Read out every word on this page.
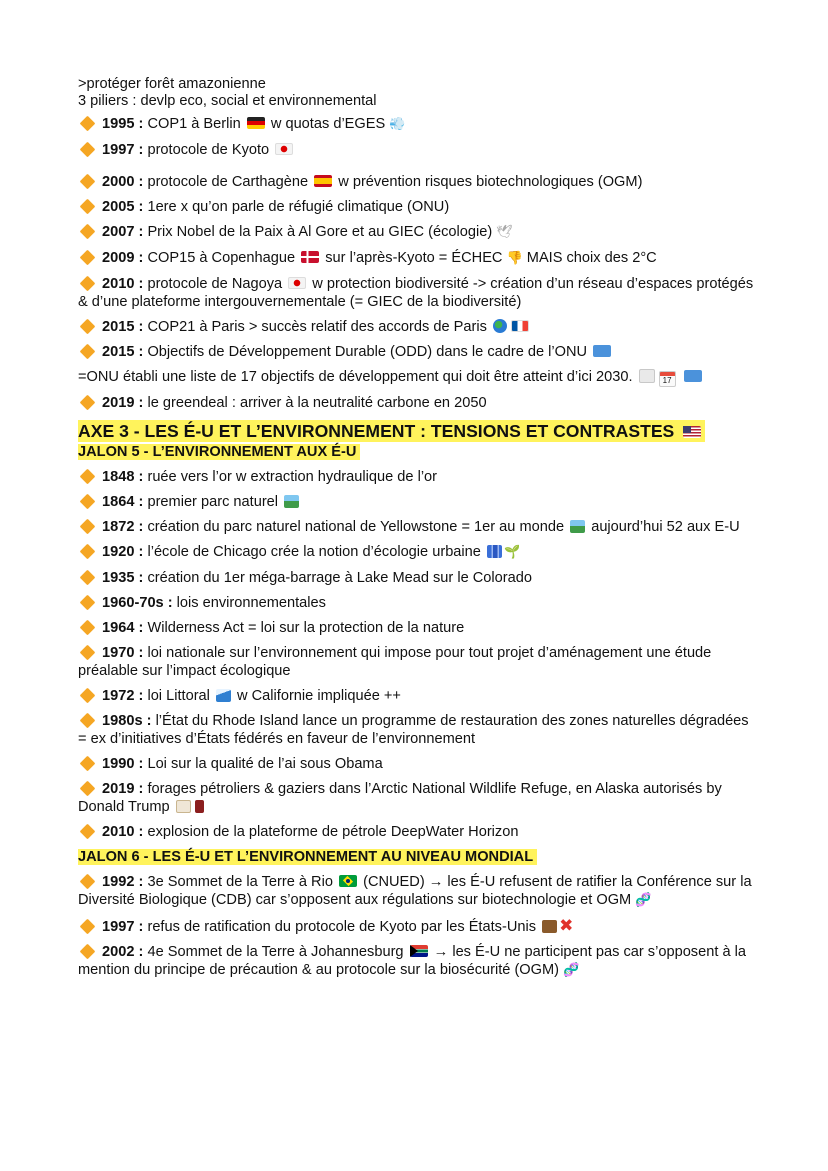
>protéger forêt amazonienne

3 piliers : devlp eco, social et environnemental

1995 : COP1 à Berlin w quotas d’EGES 💨
1997 : protocole de Kyoto
2000 : protocole de Carthagène w prévention risques biotechnologiques (OGM)
2005 : 1ere x qu’on parle de réfugié climatique (ONU)
2007 : Prix Nobel de la Paix à Al Gore et au GIEC (écologie) 🕊
2009 : COP15 à Copenhague sur l’après-Kyoto = ÉCHEC 👎 MAIS choix des 2°C
2010 : protocole de Nagoya w protection biodiversité -> création d’un réseau d’espaces protégés & d’une plateforme intergouvernementale (= GIEC de la biodiversité)
2015 : COP21 à Paris > succès relatif des accords de Paris
2015 : Objectifs de Développement Durable (ODD) dans le cadre de l’ONU
=ONU établi une liste de 17 objectifs de développement qui doit être atteint d’ici 2030.	17
2019 : le greendeal : arriver à la neutralité carbone en 2050

AXE 3 - LES É-U ET L’ENVIRONNEMENT : TENSIONS ET CONTRASTES

JALON 5 - L’ENVIRONNEMENT AUX É-U

1848 : ruée vers l’or w extraction hydraulique de l’or
1864 : premier parc naturel
1872 : création du parc naturel national de Yellowstone = 1er au monde aujourd’hui 52 aux E-U
1920 : l’école de Chicago crée la notion d’écologie urbaine 🌱
1935 : création du 1er méga-barrage à Lake Mead sur le Colorado
1960-70s : lois environnementales
1964 : Wilderness Act = loi sur la protection de la nature
1970 : loi nationale sur l’environnement qui impose pour tout projet d’aménagement une étude préalable sur l’impact écologique
1972 : loi Littoral w Californie impliquée ++
1980s : l’État du Rhode Island lance un programme de restauration des zones naturelles dégradées = ex d’initiatives d’États fédérés en faveur de l’environnement
1990 : Loi sur la qualité de l’ai sous Obama
2019 : forages pétroliers & gaziers dans l’Arctic National Wildlife Refuge, en Alaska autorisés by Donald Trump
2010 : explosion de la plateforme de pétrole DeepWater Horizon

JALON 6 - LES É-U ET L’ENVIRONNEMENT AU NIVEAU MONDIAL

1992 : 3e Sommet de la Terre à Rio (CNUED) → les É-U refusent de ratifier la Conférence sur la Diversité Biologique (CDB) car s’opposent aux régulations sur biotechnologie et OGM 🧬
1997 : refus de ratification du protocole de Kyoto par les États-Unis ✖
2002 : 4e Sommet de la Terre à Johannesburg → les É-U ne participent pas car s’opposent à la mention du principe de précaution & au protocole sur la biosécurité (OGM) 🧬
